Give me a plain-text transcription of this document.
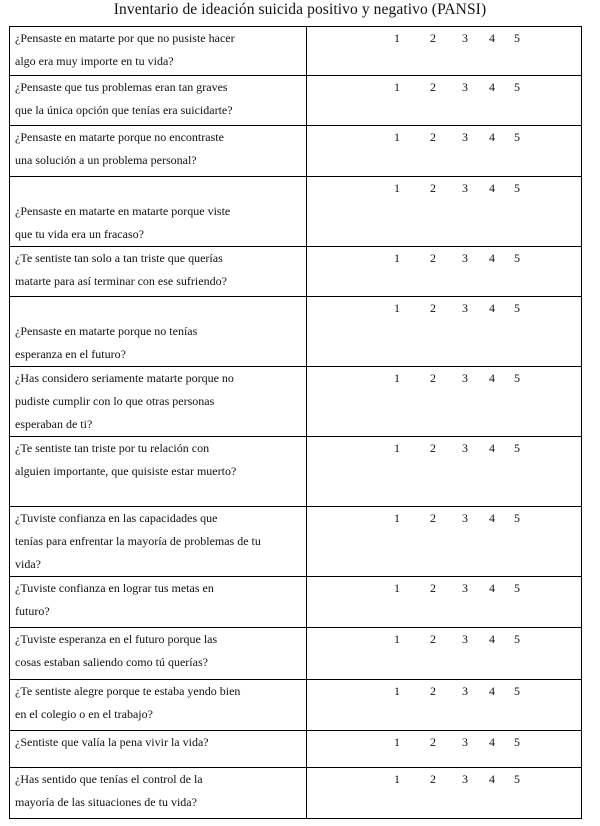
Inventario de ideación suicida positivo y negativo (PANSI)
¿Pensaste en matarte por que no pusiste hacer
algo era muy importe en tu vida?	1 2 3 4 5

¿Pensaste que tus problemas eran tan graves
que la única opción que tenías era suicidarte?	1 2 3 4 5

¿Pensaste en matarte porque no encontraste
una solución a un problema personal?	1 2 3 4 5

¿Pensaste en matarte en matarte porque viste
que tu vida era un fracaso?	1 2 3 4 5

¿Te sentiste tan solo a tan triste que querías
matarte para así terminar con ese sufriendo?	1 2 3 4 5

¿Pensaste en matarte porque no tenías
esperanza en el futuro?	1 2 3 4 5

¿Has considero seriamente matarte porque no
pudiste cumplir con lo que otras personas
esperaban de ti?	1 2 3 4 5

¿Te sentiste tan triste por tu relación con
alguien importante, que quisiste estar muerto?	1 2 3 4 5

¿Tuviste confianza en las capacidades que
tenías para enfrentar la mayoría de problemas de tu
vida?	1 2 3 4 5

¿Tuviste confianza en lograr tus metas en
futuro?	1 2 3 4 5

¿Tuviste esperanza en el futuro porque las
cosas estaban saliendo como tú querías?	1 2 3 4 5

¿Te sentiste alegre porque te estaba yendo bien
en el colegio o en el trabajo?	1 2 3 4 5

¿Sentiste que valía la pena vivir la vida?	1 2 3 4 5

¿Has sentido que tenías el control de la
mayoría de las situaciones de tu vida?	1 2 3 4 5
